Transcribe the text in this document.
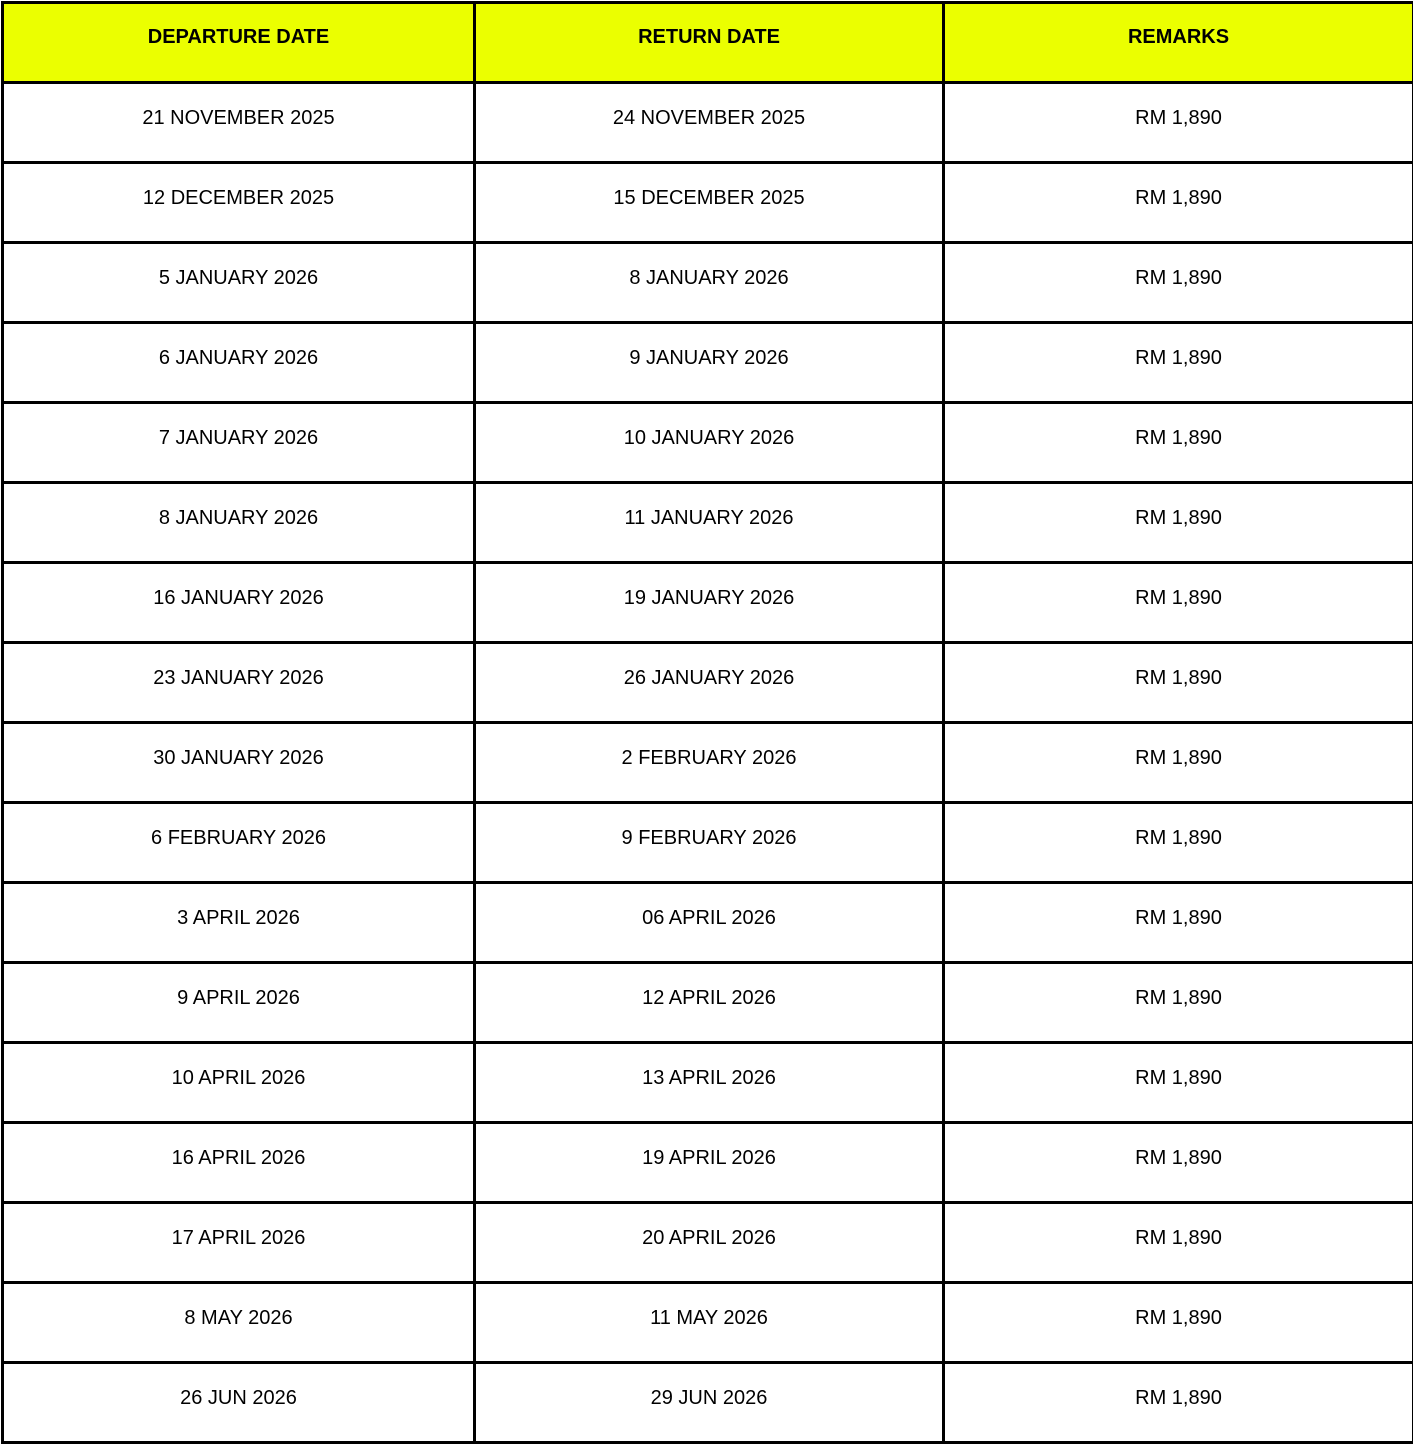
DEPARTURE DATE	RETURN DATE	REMARKS
21 NOVEMBER 2025	24 NOVEMBER 2025	RM 1,890
12 DECEMBER 2025	15 DECEMBER 2025	RM 1,890
5 JANUARY 2026	8 JANUARY 2026	RM 1,890
6 JANUARY 2026	9 JANUARY 2026	RM 1,890
7 JANUARY 2026	10 JANUARY 2026	RM 1,890
8 JANUARY 2026	11 JANUARY 2026	RM 1,890
16 JANUARY 2026	19 JANUARY 2026	RM 1,890
23 JANUARY 2026	26 JANUARY 2026	RM 1,890
30 JANUARY 2026	2 FEBRUARY 2026	RM 1,890
6 FEBRUARY 2026	9 FEBRUARY 2026	RM 1,890
3 APRIL 2026	06 APRIL 2026	RM 1,890
9 APRIL 2026	12 APRIL 2026	RM 1,890
10 APRIL 2026	13 APRIL 2026	RM 1,890
16 APRIL 2026	19 APRIL 2026	RM 1,890
17 APRIL 2026	20 APRIL 2026	RM 1,890
8 MAY 2026	11 MAY 2026	RM 1,890
26 JUN 2026	29 JUN 2026	RM 1,890
